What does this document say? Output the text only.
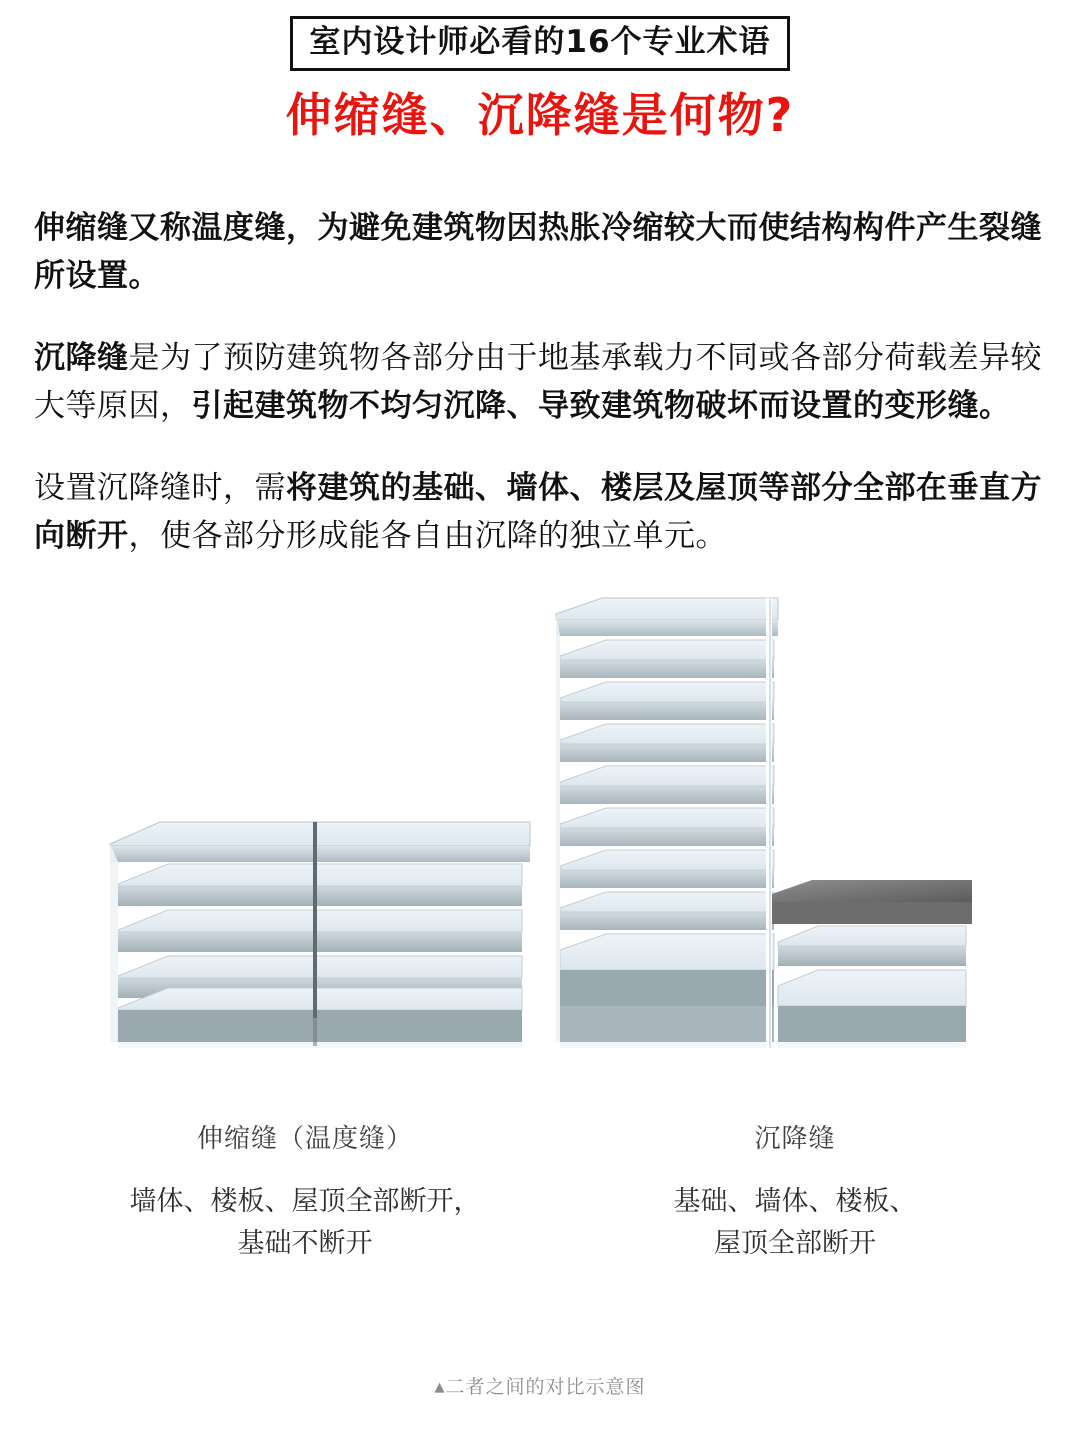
室内设计师必看的16个专业术语
伸缩缝、沉降缝是何物?

伸缩缝又称温度缝，为避免建筑物因热胀冷缩较大而使结构构件产生裂缝所设置。

沉降缝是为了预防建筑物各部分由于地基承载力不同或各部分荷载差异较大等原因，引起建筑物不均匀沉降、导致建筑物破坏而设置的变形缝。

设置沉降缝时，需将建筑的基础、墙体、楼层及屋顶等部分全部在垂直方向断开，使各部分形成能各自由沉降的独立单元。

伸缩缝（温度缝）
墙体、楼板、屋顶全部断开，
基础不断开
沉降缝
基础、墙体、楼板、
屋顶全部断开
▲二者之间的对比示意图
